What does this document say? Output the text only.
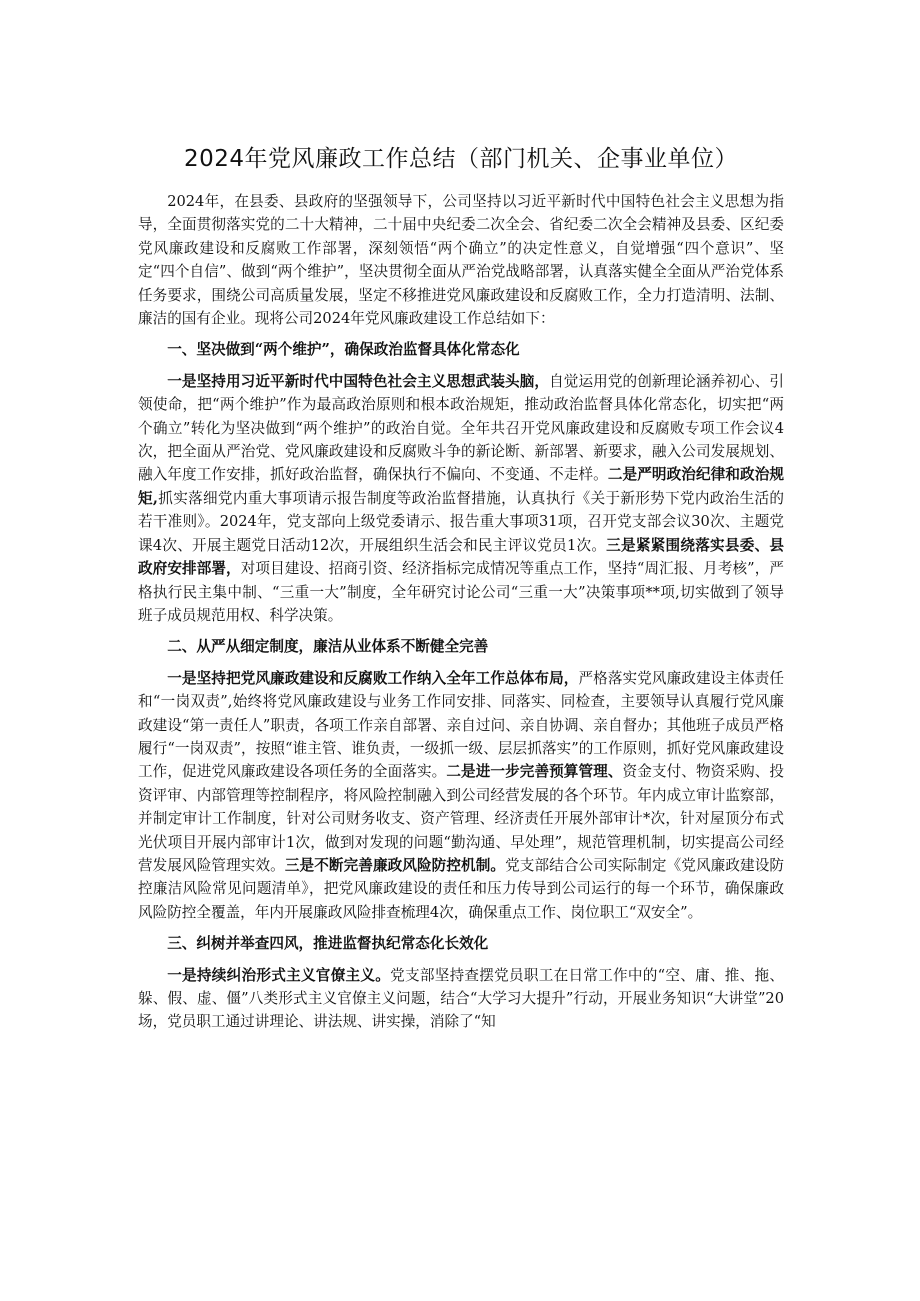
2024年党风廉政工作总结（部门机关、企事业单位）

2024年，在县委、县政府的坚强领导下，公司坚持以习近平新时代中国特色社会主义思想为指导，全面贯彻落实党的二十大精神，二十届中央纪委二次全会、省纪委二次全会精神及县委、区纪委党风廉政建设和反腐败工作部署，深刻领悟“两个确立”的决定性意义，自觉增强“四个意识”、坚定“四个自信”、做到“两个维护”，坚决贯彻全面从严治党战略部署，认真落实健全全面从严治党体系任务要求，围绕公司高质量发展，坚定不移推进党风廉政建设和反腐败工作，全力打造清明、法制、廉洁的国有企业。现将公司2024年党风廉政建设工作总结如下：

一、坚决做到“两个维护”，确保政治监督具体化常态化

一是坚持用习近平新时代中国特色社会主义思想武装头脑，自觉运用党的创新理论涵养初心、引领使命，把“两个维护”作为最高政治原则和根本政治规矩，推动政治监督具体化常态化，切实把“两个确立”转化为坚决做到“两个维护”的政治自觉。全年共召开党风廉政建设和反腐败专项工作会议4次，把全面从严治党、党风廉政建设和反腐败斗争的新论断、新部署、新要求，融入公司发展规划、融入年度工作安排，抓好政治监督，确保执行不偏向、不变通、不走样。二是严明政治纪律和政治规矩,抓实落细党内重大事项请示报告制度等政治监督措施，认真执行《关于新形势下党内政治生活的若干准则》。2024年，党支部向上级党委请示、报告重大事项31项，召开党支部会议30次、主题党课4次、开展主题党日活动12次，开展组织生活会和民主评议党员1次。三是紧紧围绕落实县委、县政府安排部署，对项目建设、招商引资、经济指标完成情况等重点工作，坚持“周汇报、月考核”，严格执行民主集中制、“三重一大”制度，全年研究讨论公司“三重一大”决策事项**项,切实做到了领导班子成员规范用权、科学决策。

二、从严从细定制度，廉洁从业体系不断健全完善

一是坚持把党风廉政建设和反腐败工作纳入全年工作总体布局，严格落实党风廉政建设主体责任和“一岗双责”,始终将党风廉政建设与业务工作同安排、同落实、同检查，主要领导认真履行党风廉政建设“第一责任人”职责，各项工作亲自部署、亲自过问、亲自协调、亲自督办；其他班子成员严格履行“一岗双责”，按照“谁主管、谁负责，一级抓一级、层层抓落实”的工作原则，抓好党风廉政建设工作，促进党风廉政建设各项任务的全面落实。二是进一步完善预算管理、资金支付、物资采购、投资评审、内部管理等控制程序，将风险控制融入到公司经营发展的各个环节。年内成立审计监察部，并制定审计工作制度，针对公司财务收支、资产管理、经济责任开展外部审计*次，针对屋顶分布式光伏项目开展内部审计1次，做到对发现的问题“勤沟通、早处理”，规范管理机制，切实提高公司经营发展风险管理实效。三是不断完善廉政风险防控机制。党支部结合公司实际制定《党风廉政建设防控廉洁风险常见问题清单》，把党风廉政建设的责任和压力传导到公司运行的每一个环节，确保廉政风险防控全覆盖，年内开展廉政风险排查梳理4次，确保重点工作、岗位职工“双安全”。

三、纠树并举查四风，推进监督执纪常态化长效化

一是持续纠治形式主义官僚主义。党支部坚持查摆党员职工在日常工作中的“空、庸、推、拖、躲、假、虚、僵”八类形式主义官僚主义问题，结合“大学习大提升”行动，开展业务知识“大讲堂”20场，党员职工通过讲理论、讲法规、讲实操，消除了“知
